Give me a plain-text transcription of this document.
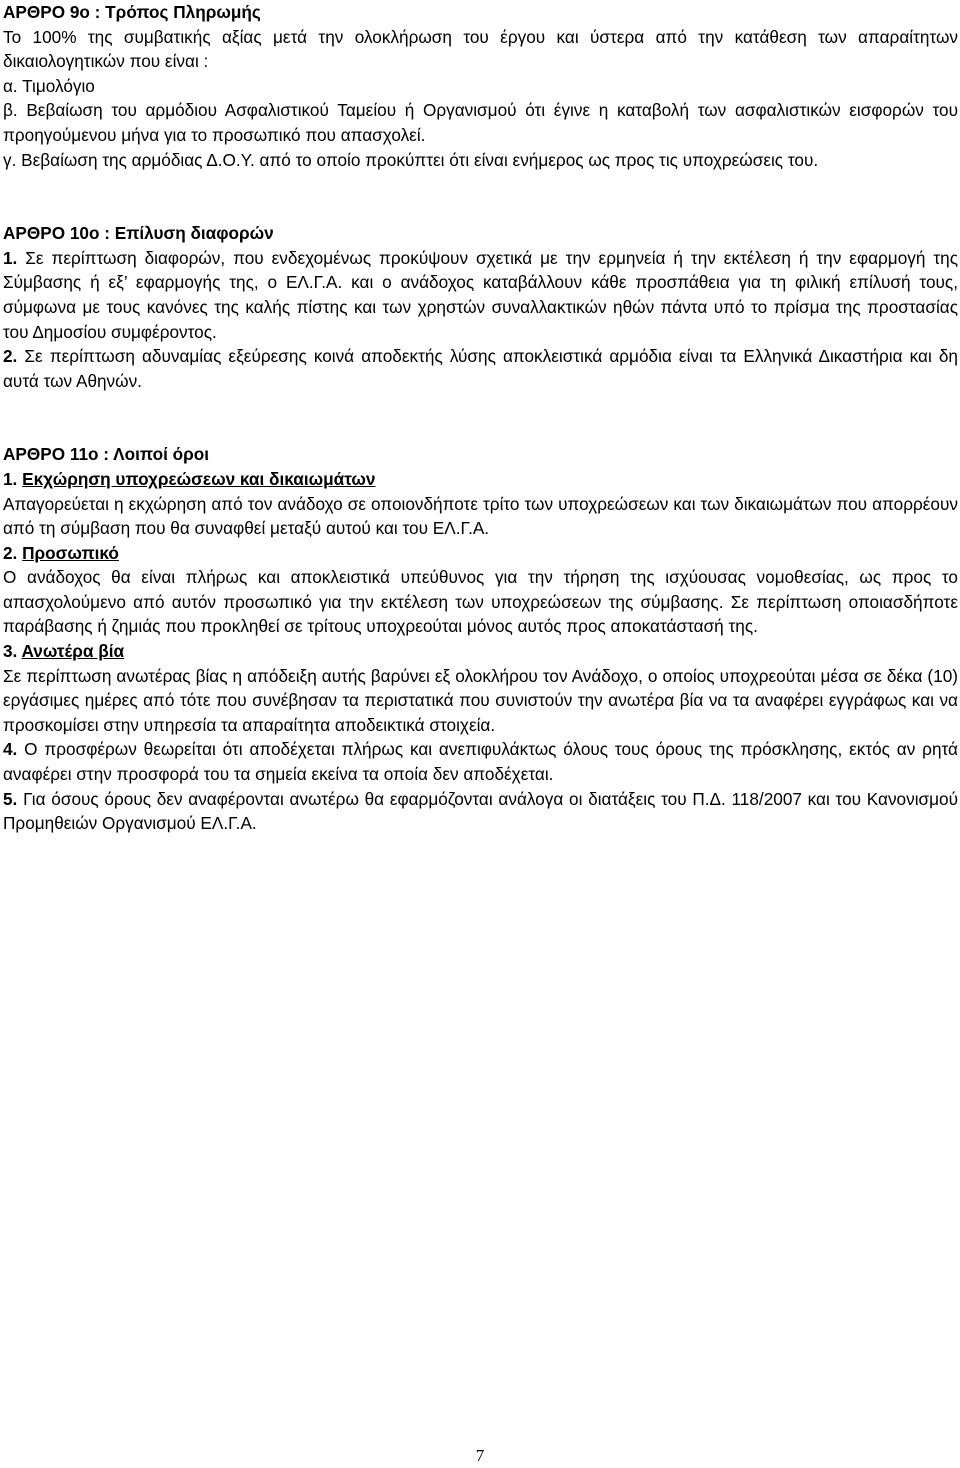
ΑΡΘΡΟ 9ο : Τρόπος Πληρωμής

Το 100% της συμβατικής αξίας μετά την ολοκλήρωση του έργου και ύστερα από την κατάθεση των απαραίτητων δικαιολογητικών που είναι :

α. Τιμολόγιο

β. Βεβαίωση του αρμόδιου Ασφαλιστικού Ταμείου ή Οργανισμού ότι έγινε η καταβολή των ασφαλιστικών εισφορών του προηγούμενου μήνα για το προσωπικό που απασχολεί.

γ. Βεβαίωση της αρμόδιας Δ.Ο.Υ. από το οποίο προκύπτει ότι είναι ενήμερος ως προς τις υποχρεώσεις του.

ΑΡΘΡΟ 10ο : Επίλυση διαφορών

1. Σε περίπτωση διαφορών, που ενδεχομένως προκύψουν σχετικά με την ερμηνεία ή την εκτέλεση ή την εφαρμογή της Σύμβασης ή εξ’ εφαρμογής της, ο ΕΛ.Γ.Α. και ο ανάδοχος καταβάλλουν κάθε προσπάθεια για τη φιλική επίλυσή τους, σύμφωνα με τους κανόνες της καλής πίστης και των χρηστών συναλλακτικών ηθών πάντα υπό το πρίσμα της προστασίας του Δημοσίου συμφέροντος.

2. Σε περίπτωση αδυναμίας εξεύρεσης κοινά αποδεκτής λύσης αποκλειστικά αρμόδια είναι τα Ελληνικά Δικαστήρια και δη αυτά των Αθηνών.

ΑΡΘΡΟ 11ο : Λοιποί όροι

1. Εκχώρηση υποχρεώσεων και δικαιωμάτων

Απαγορεύεται η εκχώρηση από τον ανάδοχο σε οποιονδήποτε τρίτο των υποχρεώσεων και των δικαιωμάτων που απορρέουν από τη σύμβαση που θα συναφθεί μεταξύ αυτού και του ΕΛ.Γ.Α.

2. Προσωπικό

Ο ανάδοχος θα είναι πλήρως και αποκλειστικά υπεύθυνος για την τήρηση της ισχύουσας νομοθεσίας, ως προς το απασχολούμενο από αυτόν προσωπικό για την εκτέλεση των υποχρεώσεων της σύμβασης. Σε περίπτωση οποιασδήποτε παράβασης ή ζημιάς που προκληθεί σε τρίτους υποχρεούται μόνος αυτός προς αποκατάστασή της.

3. Ανωτέρα βία

Σε περίπτωση ανωτέρας βίας η απόδειξη αυτής βαρύνει εξ ολοκλήρου τον Ανάδοχο, ο οποίος υποχρεούται μέσα σε δέκα (10) εργάσιμες ημέρες από τότε που συνέβησαν τα περιστατικά που συνιστούν την ανωτέρα βία να τα αναφέρει εγγράφως και να προσκομίσει στην υπηρεσία τα απαραίτητα αποδεικτικά στοιχεία.

4. Ο προσφέρων θεωρείται ότι αποδέχεται πλήρως και ανεπιφυλάκτως όλους τους όρους της πρόσκλησης, εκτός αν ρητά αναφέρει στην προσφορά του τα σημεία εκείνα τα οποία δεν αποδέχεται.

5. Για όσους όρους δεν αναφέρονται ανωτέρω θα εφαρμόζονται ανάλογα οι διατάξεις του Π.Δ. 118/2007 και του Κανονισμού Προμηθειών Οργανισμού ΕΛ.Γ.Α.

7
